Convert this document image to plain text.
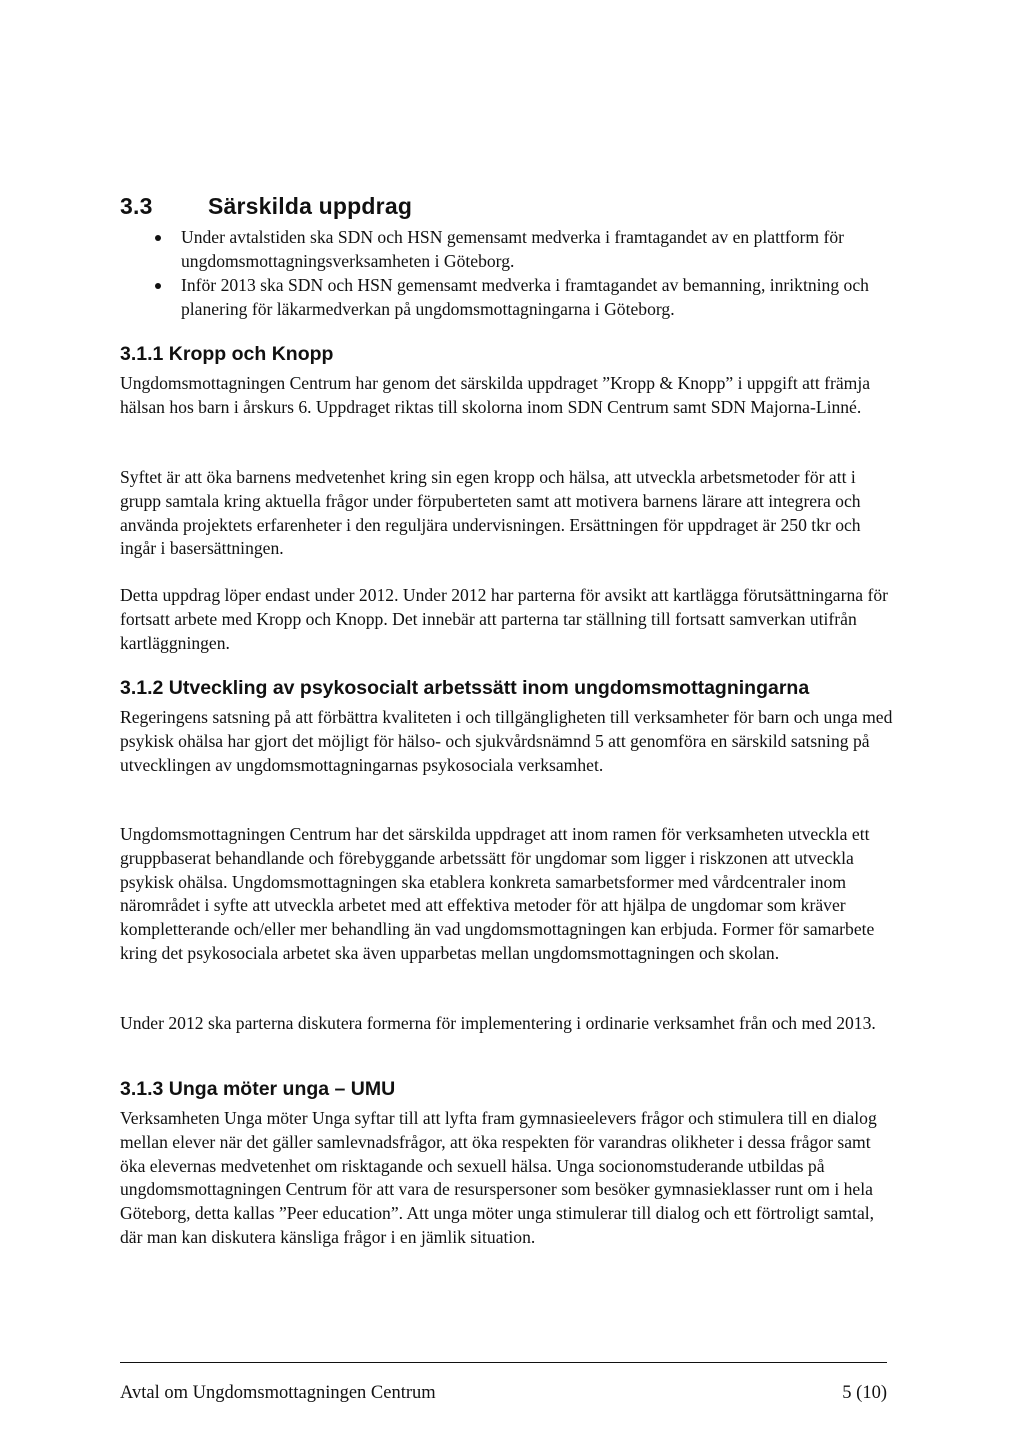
3.3 Särskilda uppdrag
Under avtalstiden ska SDN och HSN gemensamt medverka i framtagandet av en plattform för ungdomsmottagningsverksamheten i Göteborg.
Inför 2013 ska SDN och HSN gemensamt medverka i framtagandet av bemanning, inriktning och planering för läkarmedverkan på ungdomsmottagningarna i Göteborg.
3.1.1 Kropp och Knopp

Ungdomsmottagningen Centrum har genom det särskilda uppdraget ”Kropp & Knopp” i uppgift att främja hälsan hos barn i årskurs 6. Uppdraget riktas till skolorna inom SDN Centrum samt SDN Majorna-Linné.

Syftet är att öka barnens medvetenhet kring sin egen kropp och hälsa, att utveckla arbetsmetoder för att i grupp samtala kring aktuella frågor under förpuberteten samt att motivera barnens lärare att integrera och använda projektets erfarenheter i den reguljära undervisningen. Ersättningen för uppdraget är 250 tkr och ingår i basersättningen.

Detta uppdrag löper endast under 2012. Under 2012 har parterna för avsikt att kartlägga förutsättningarna för fortsatt arbete med Kropp och Knopp. Det innebär att parterna tar ställning till fortsatt samverkan utifrån kartläggningen.

3.1.2 Utveckling av psykosocialt arbetssätt inom ungdomsmottagningarna

Regeringens satsning på att förbättra kvaliteten i och tillgängligheten till verksamheter för barn och unga med psykisk ohälsa har gjort det möjligt för hälso- och sjukvårdsnämnd 5 att genomföra en särskild satsning på utvecklingen av ungdomsmottagningarnas psykosociala verksamhet.

Ungdomsmottagningen Centrum har det särskilda uppdraget att inom ramen för verksamheten utveckla ett gruppbaserat behandlande och förebyggande arbetssätt för ungdomar som ligger i riskzonen att utveckla psykisk ohälsa. Ungdomsmottagningen ska etablera konkreta samarbetsformer med vårdcentraler inom närområdet i syfte att utveckla arbetet med att effektiva metoder för att hjälpa de ungdomar som kräver kompletterande och/eller mer behandling än vad ungdomsmottagningen kan erbjuda. Former för samarbete kring det psykosociala arbetet ska även upparbetas mellan ungdomsmottagningen och skolan.

Under 2012 ska parterna diskutera formerna för implementering i ordinarie verksamhet från och med 2013.

3.1.3 Unga möter unga – UMU

Verksamheten Unga möter Unga syftar till att lyfta fram gymnasieelevers frågor och stimulera till en dialog mellan elever när det gäller samlevnadsfrågor, att öka respekten för varandras olikheter i dessa frågor samt öka elevernas medvetenhet om risktagande och sexuell hälsa. Unga socionomstuderande utbildas på ungdomsmottagningen Centrum för att vara de resurspersoner som besöker gymnasieklasser runt om i hela Göteborg, detta kallas ”Peer education”. Att unga möter unga stimulerar till dialog och ett förtroligt samtal, där man kan diskutera känsliga frågor i en jämlik situation.

Avtal om Ungdomsmottagningen Centrum	5 (10)
